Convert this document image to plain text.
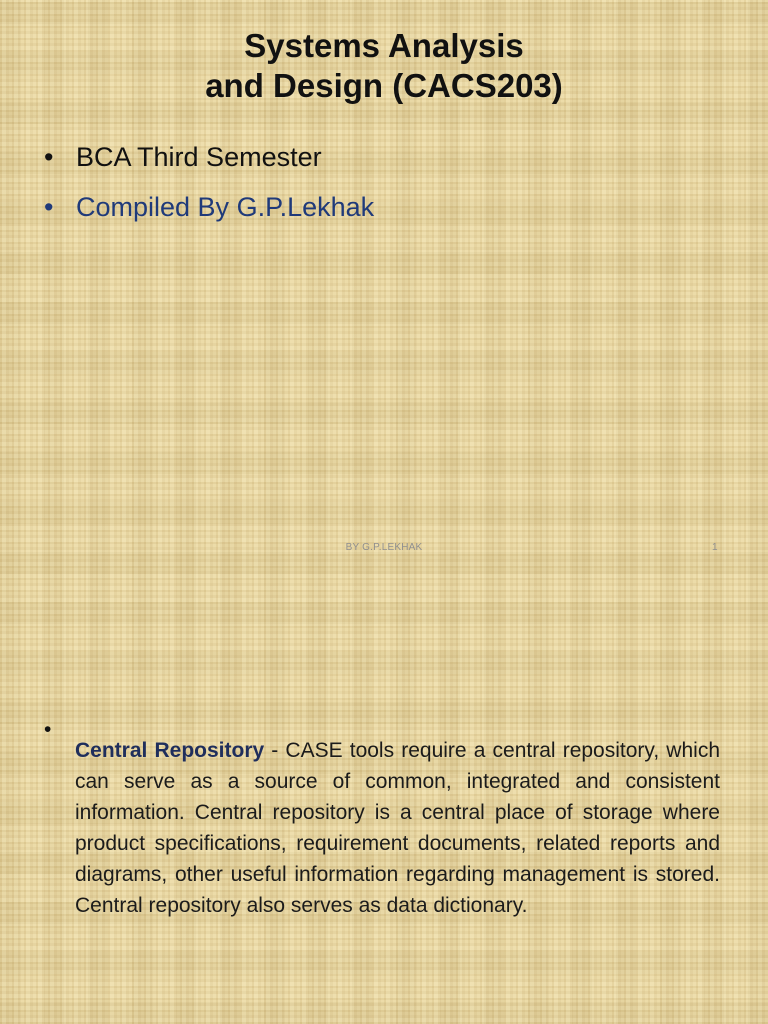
Systems Analysis
and Design (CACS203)
• BCA Third Semester
• Compiled By G.P.Lekhak
BY G.P.LEKHAK	1
•

Central Repository - CASE tools require a central repository, which can serve as a source of common, integrated and consistent information. Central repository is a central place of storage where product specifications, requirement documents, related reports and diagrams, other useful information regarding management is stored. Central repository also serves as data dictionary.
